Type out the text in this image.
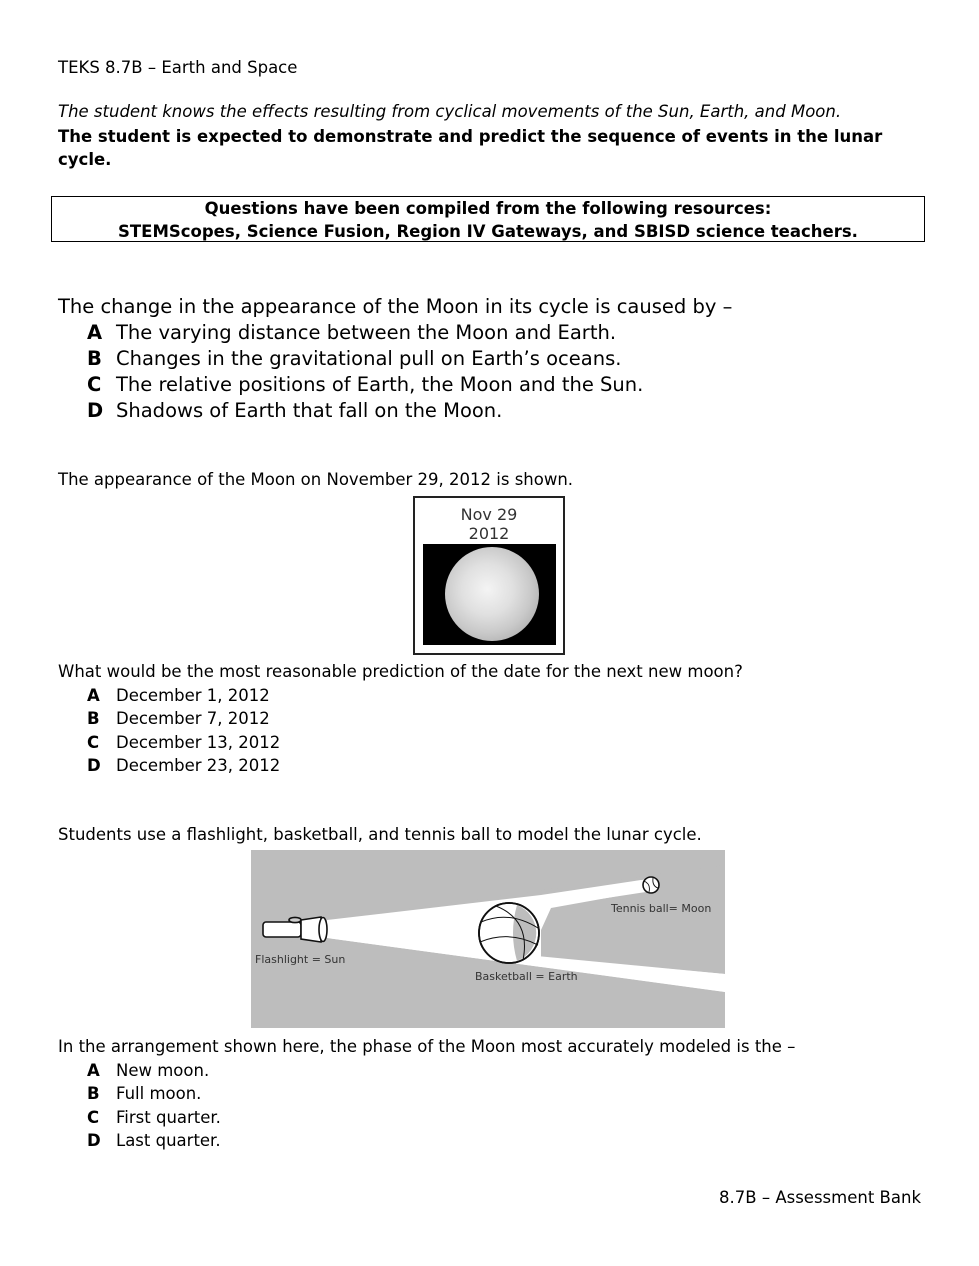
TEKS 8.7B – Earth and Space
The student knows the effects resulting from cyclical movements of the Sun, Earth, and Moon.
The student is expected to demonstrate and predict the sequence of events in the lunar cycle.
Questions have been compiled from the following resources:
STEMScopes, Science Fusion, Region IV Gateways, and SBISD science teachers.
The change in the appearance of the Moon in its cycle is caused by –
A The varying distance between the Moon and Earth.
B Changes in the gravitational pull on Earth’s oceans.
C The relative positions of Earth, the Moon and the Sun.
D Shadows of Earth that fall on the Moon.
The appearance of the Moon on November 29, 2012 is shown.
Nov 29
2012
What would be the most reasonable prediction of the date for the next new moon?
A December 1, 2012
B December 7, 2012
C	December 13, 2012
D December 23, 2012
Students use a flashlight, basketball, and tennis ball to model the lunar cycle.
Flashlight = Sun
Basketball = Earth
Tennis ball= Moon
In the arrangement shown here, the phase of the Moon most accurately modeled is the –
A New moon.
B Full moon.
C	First quarter.
D Last quarter.
8.7B – Assessment Bank
